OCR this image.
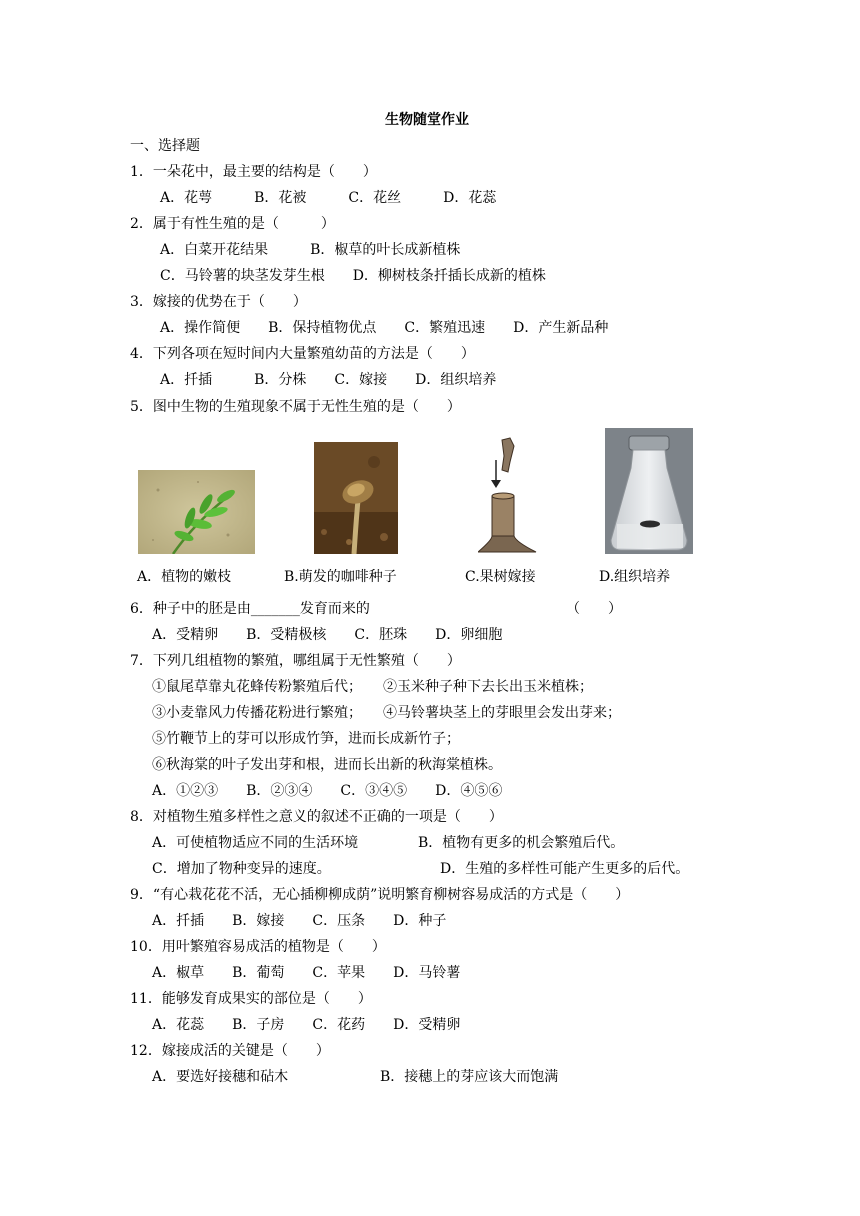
生物随堂作业
一、选择题
1．一朵花中，最主要的结构是（　　）
A．花萼　　　B．花被　　　C．花丝　　　D．花蕊
2．属于有性生殖的是（　　　）
A．白菜开花结果　　　B．椒草的叶长成新植株
C．马铃薯的块茎发芽生根　　D．柳树枝条扦插长成新的植株
3．嫁接的优势在于（　　）
A．操作简便　　B．保持植物优点　　C．繁殖迅速　　D．产生新品种
4．下列各项在短时间内大量繁殖幼苗的方法是（　　）
A．扦插　　　B．分株　　C．嫁接　　D．组织培养
5．图中生物的生殖现象不属于无性生殖的是（　　）
A．植物的嫩枝	B.萌发的咖啡种子	C.果树嫁接	D.组织培养
6．种子中的胚是由_______发育而来的	（　　）
A．受精卵　　B．受精极核　　C．胚珠　　D．卵细胞
7．下列几组植物的繁殖，哪组属于无性繁殖（　　）
①鼠尾草靠丸花蜂传粉繁殖后代；　　②玉米种子种下去长出玉米植株；
③小麦靠风力传播花粉进行繁殖；　　④马铃薯块茎上的芽眼里会发出芽来；
⑤竹鞭节上的芽可以形成竹笋，进而长成新竹子；
⑥秋海棠的叶子发出芽和根，进而长出新的秋海棠植株。
A．①②③　　B．②③④　　C．③④⑤　　D．④⑤⑥
8．对植物生殖多样性之意义的叙述不正确的一项是（　　）
A．可使植物适应不同的生活环境	B．植物有更多的机会繁殖后代。
C．增加了物种变异的速度。	D．生殖的多样性可能产生更多的后代。
9．“有心栽花花不活，无心插柳柳成荫”说明繁育柳树容易成活的方式是（　　）
A．扦插　　B．嫁接　　C．压条　　D．种子
10．用叶繁殖容易成活的植物是（　　）
A．椒草　　B．葡萄　　C．苹果　　D．马铃薯
11．能够发育成果实的部位是（　　）
A．花蕊　　B．子房　　C．花药　　D．受精卵
12．嫁接成活的关键是（　　）
A．要选好接穗和砧木	B．接穗上的芽应该大而饱满
